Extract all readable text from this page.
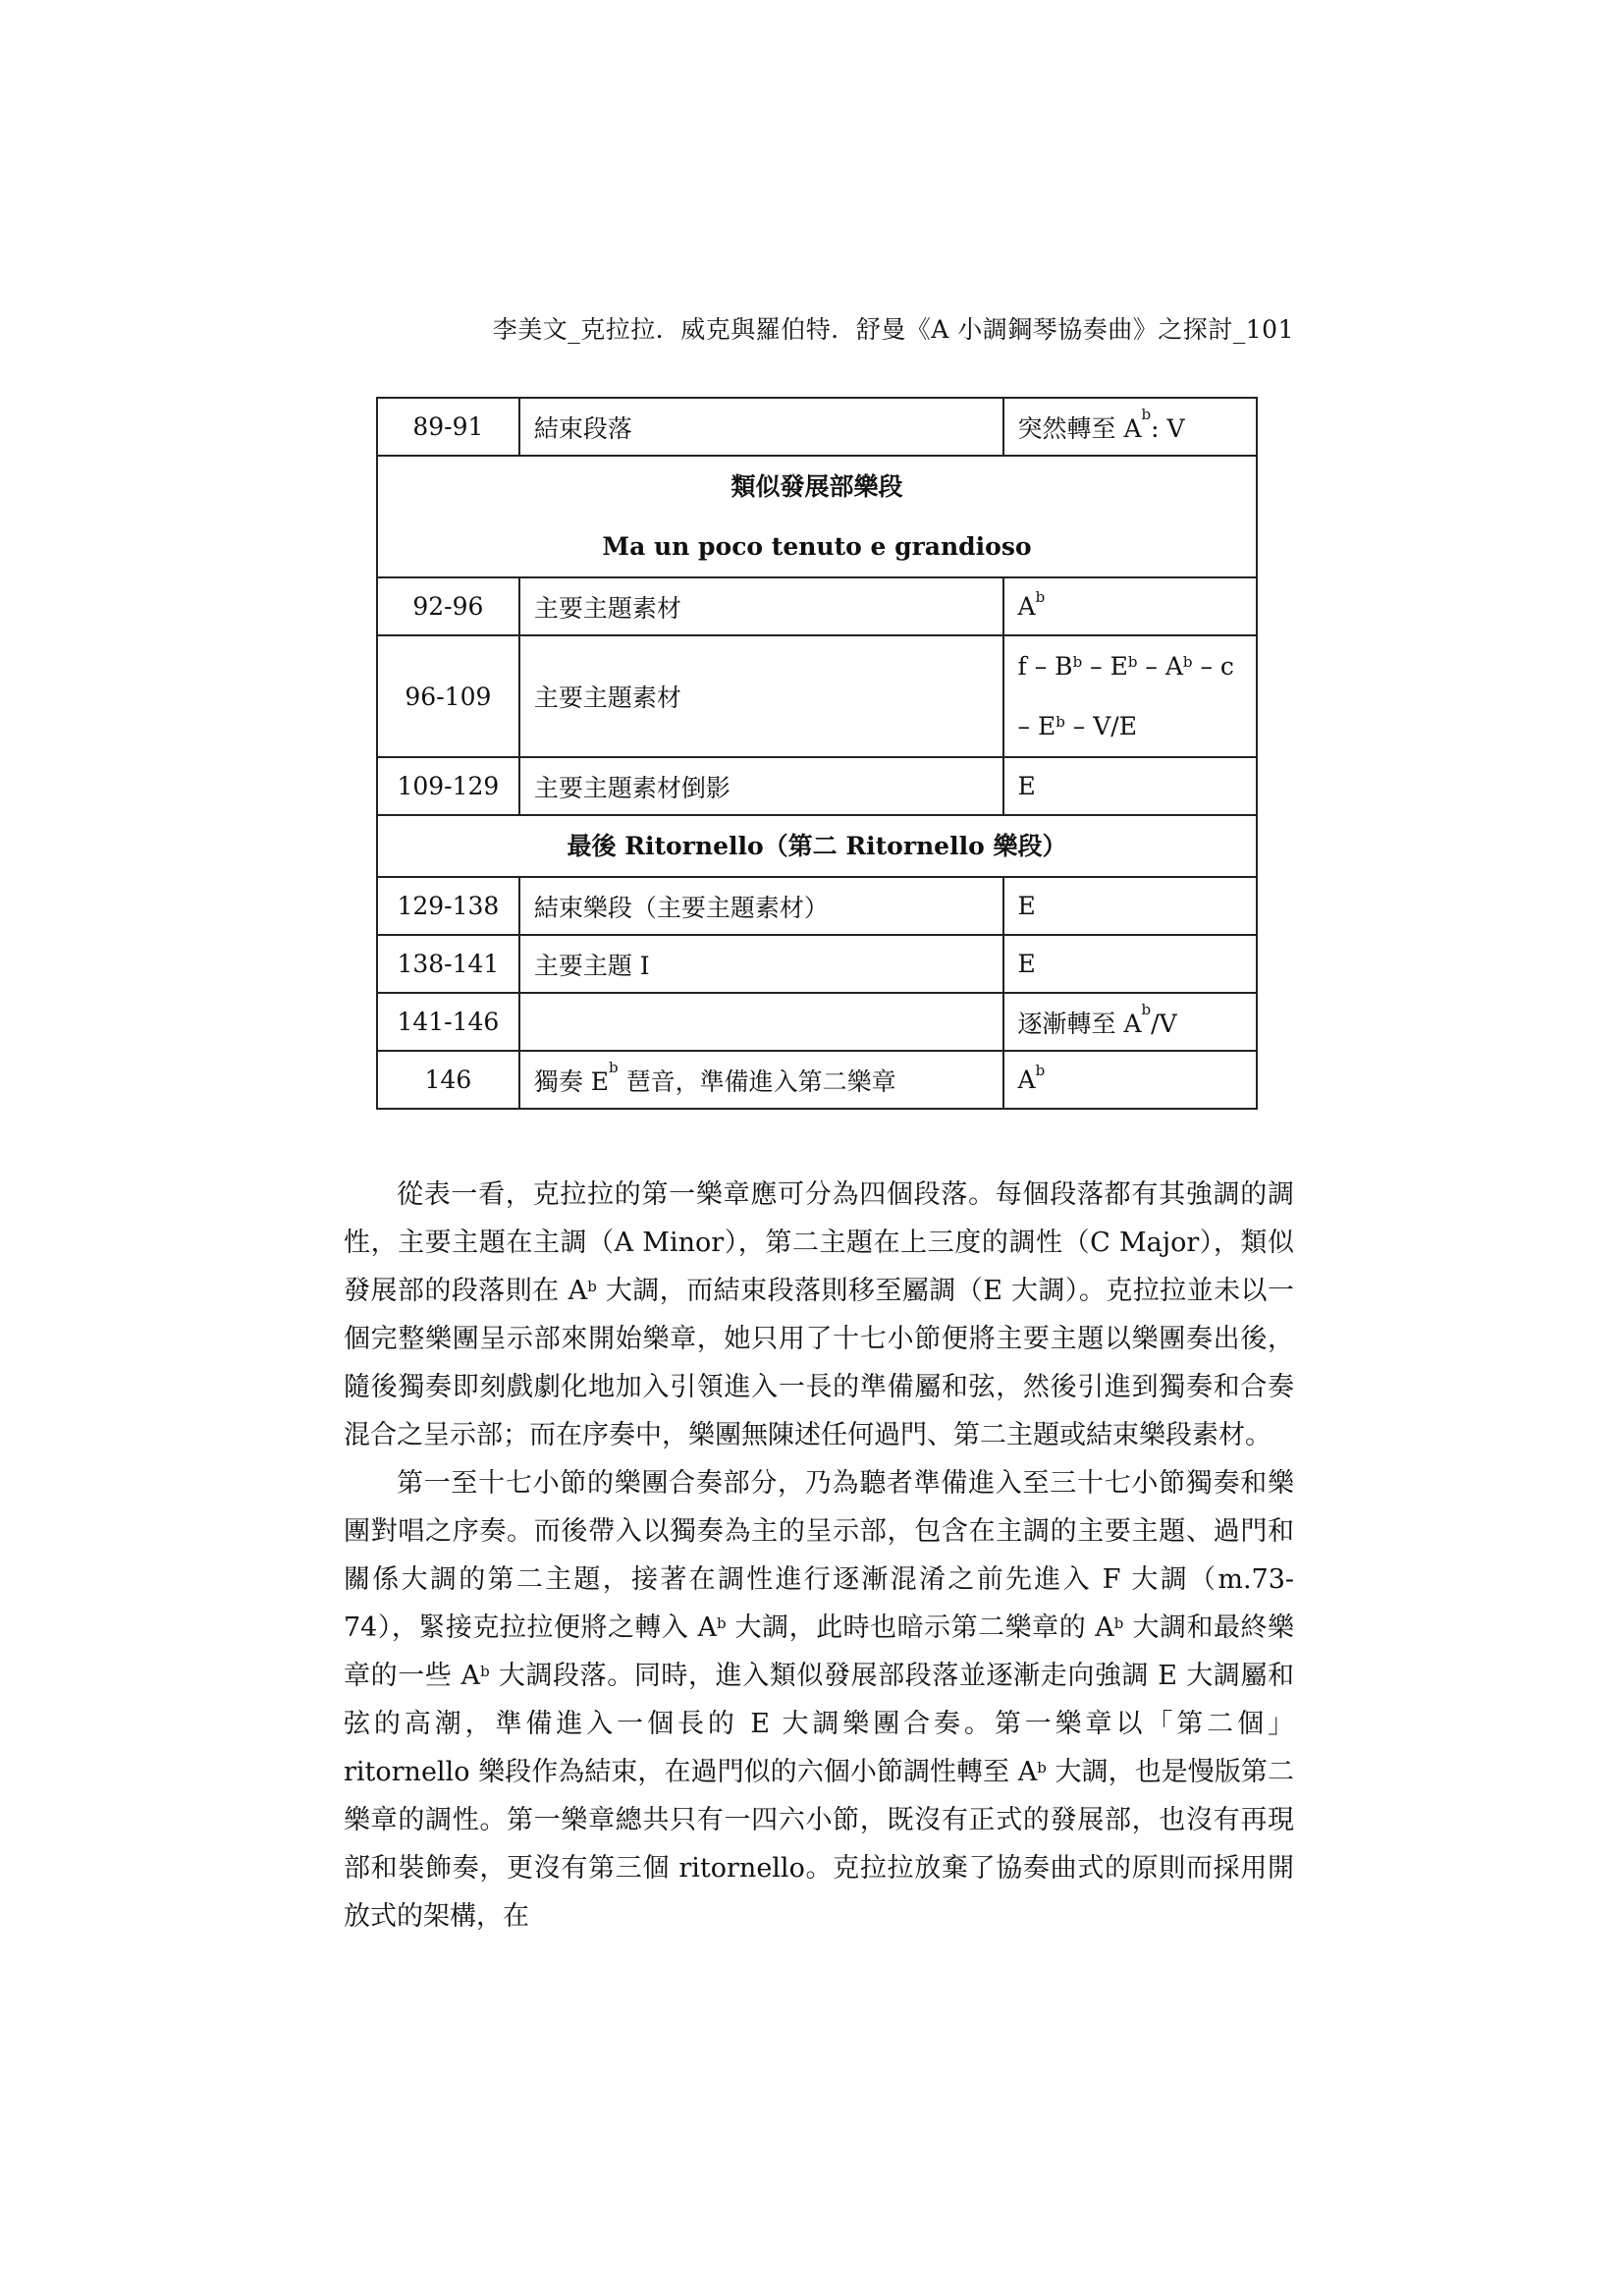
李美文_克拉拉．威克與羅伯特．舒曼《A 小調鋼琴協奏曲》之探討_101
89-91	結束段落	突然轉至 $A^b$: V

類似發展部樂段
Ma un poco tenuto e grandioso		

92-96	主要主題素材	$A^b$
96-109	主要主題素材	f – $B^b - E^b - A^b$ – c
– $E^b - V/E$

109-129	主要主題素材倒影	E

最後 Ritornello（第二 Ritornello 樂段）		

129-138	結束樂段（主要主題素材）	E
138-141	主要主題 I	E
141-146		逐漸轉至 $A^b/V$
146	獨奏 $E^b$ 琶音，準備進入第二樂章	$A^b$

從表一看，克拉拉的第一樂章應可分為四個段落。每個段落都有其強調的調性，主要主題在主調（A Minor），第二主題在上三度的調性（C Major），類似發展部的段落則在 $A^b$ 大調，而結束段落則移至屬調（E 大調）。克拉拉並未以一個完整樂團呈示部來開始樂章，她只用了十七小節便將主要主題以樂團奏出後，隨後獨奏即刻戲劇化地加入引領進入一長的準備屬和弦，然後引進到獨奏和合奏混合之呈示部；而在序奏中，樂團無陳述任何過門、第二主題或結束樂段素材。

第一至十七小節的樂團合奏部分，乃為聽者準備進入至三十七小節獨奏和樂團對唱之序奏。而後帶入以獨奏為主的呈示部，包含在主調的主要主題、過門和關係大調的第二主題，接著在調性進行逐漸混淆之前先進入 F 大調（m.73-74），緊接克拉拉便將之轉入 $A^b$ 大調，此時也暗示第二樂章的 $A^b$ 大調和最終樂章的一些 $A^b$ 大調段落。同時，進入類似發展部段落並逐漸走向強調 E 大調屬和弦的高潮，準備進入一個長的 E 大調樂團合奏。第一樂章以「第二個」ritornello 樂段作為結束，在過門似的六個小節調性轉至 $A^b$ 大調，也是慢版第二樂章的調性。第一樂章總共只有一四六小節，既沒有正式的發展部，也沒有再現部和裝飾奏，更沒有第三個 ritornello。克拉拉放棄了協奏曲式的原則而採用開放式的架構，在
